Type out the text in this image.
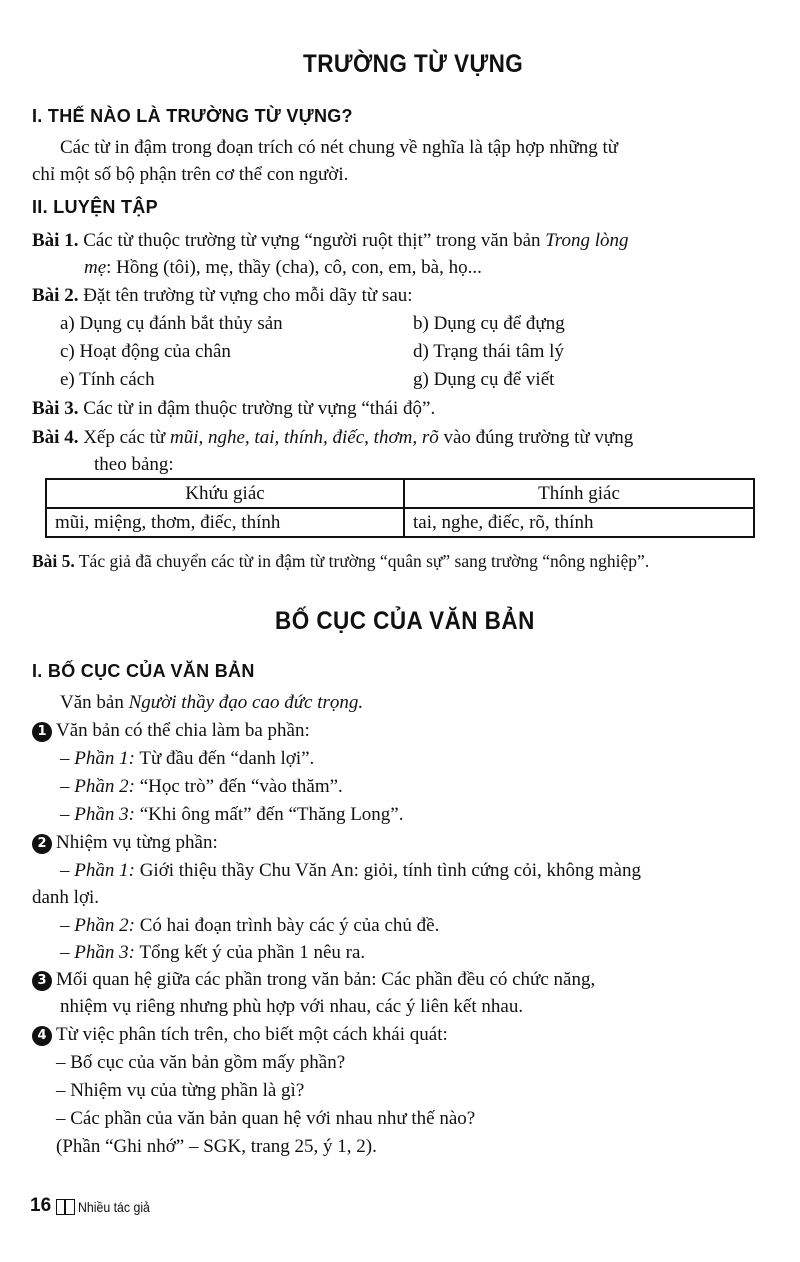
TRƯỜNG TỪ VỰNG
I. THẾ NÀO LÀ TRƯỜNG TỪ VỰNG?
Các từ in đậm trong đoạn trích có nét chung về nghĩa là tập hợp những từ
chỉ một số bộ phận trên cơ thể con người.
II. LUYỆN TẬP
Bài 1. Các từ thuộc trường từ vựng “người ruột thịt” trong văn bản Trong lòng
mẹ: Hồng (tôi), mẹ, thầy (cha), cô, con, em, bà, họ...
Bài 2. Đặt tên trường từ vựng cho mỗi dãy từ sau:
a) Dụng cụ đánh bắt thủy sản	b) Dụng cụ để đựng
c) Hoạt động của chân	d) Trạng thái tâm lý
e) Tính cách	g) Dụng cụ để viết
Bài 3. Các từ in đậm thuộc trường từ vựng “thái độ”.
Bài 4. Xếp các từ mũi, nghe, tai, thính, điếc, thơm, rõ vào đúng trường từ vựng
theo bảng:
Khứu giác	Thính giác
mũi, miệng, thơm, điếc, thính	tai, nghe, điếc, rõ, thính
Bài 5. Tác giả đã chuyển các từ in đậm từ trường “quân sự” sang trường “nông nghiệp”.
BỐ CỤC CỦA VĂN BẢN
I. BỐ CỤC CỦA VĂN BẢN
Văn bản Người thầy đạo cao đức trọng.
1 Văn bản có thể chia làm ba phần:
– Phần 1: Từ đầu đến “danh lợi”.
– Phần 2: “Học trò” đến “vào thăm”.
– Phần 3: “Khi ông mất” đến “Thăng Long”.
2 Nhiệm vụ từng phần:
– Phần 1: Giới thiệu thầy Chu Văn An: giỏi, tính tình cứng cỏi, không màng
danh lợi.
– Phần 2: Có hai đoạn trình bày các ý của chủ đề.
– Phần 3: Tổng kết ý của phần 1 nêu ra.
3 Mối quan hệ giữa các phần trong văn bản: Các phần đều có chức năng,
nhiệm vụ riêng nhưng phù hợp với nhau, các ý liên kết nhau.
4 Từ việc phân tích trên, cho biết một cách khái quát:
– Bố cục của văn bản gồm mấy phần?
– Nhiệm vụ của từng phần là gì?
– Các phần của văn bản quan hệ với nhau như thế nào?
(Phần “Ghi nhớ” – SGK, trang 25, ý 1, 2).
16 Nhiều tác giả
